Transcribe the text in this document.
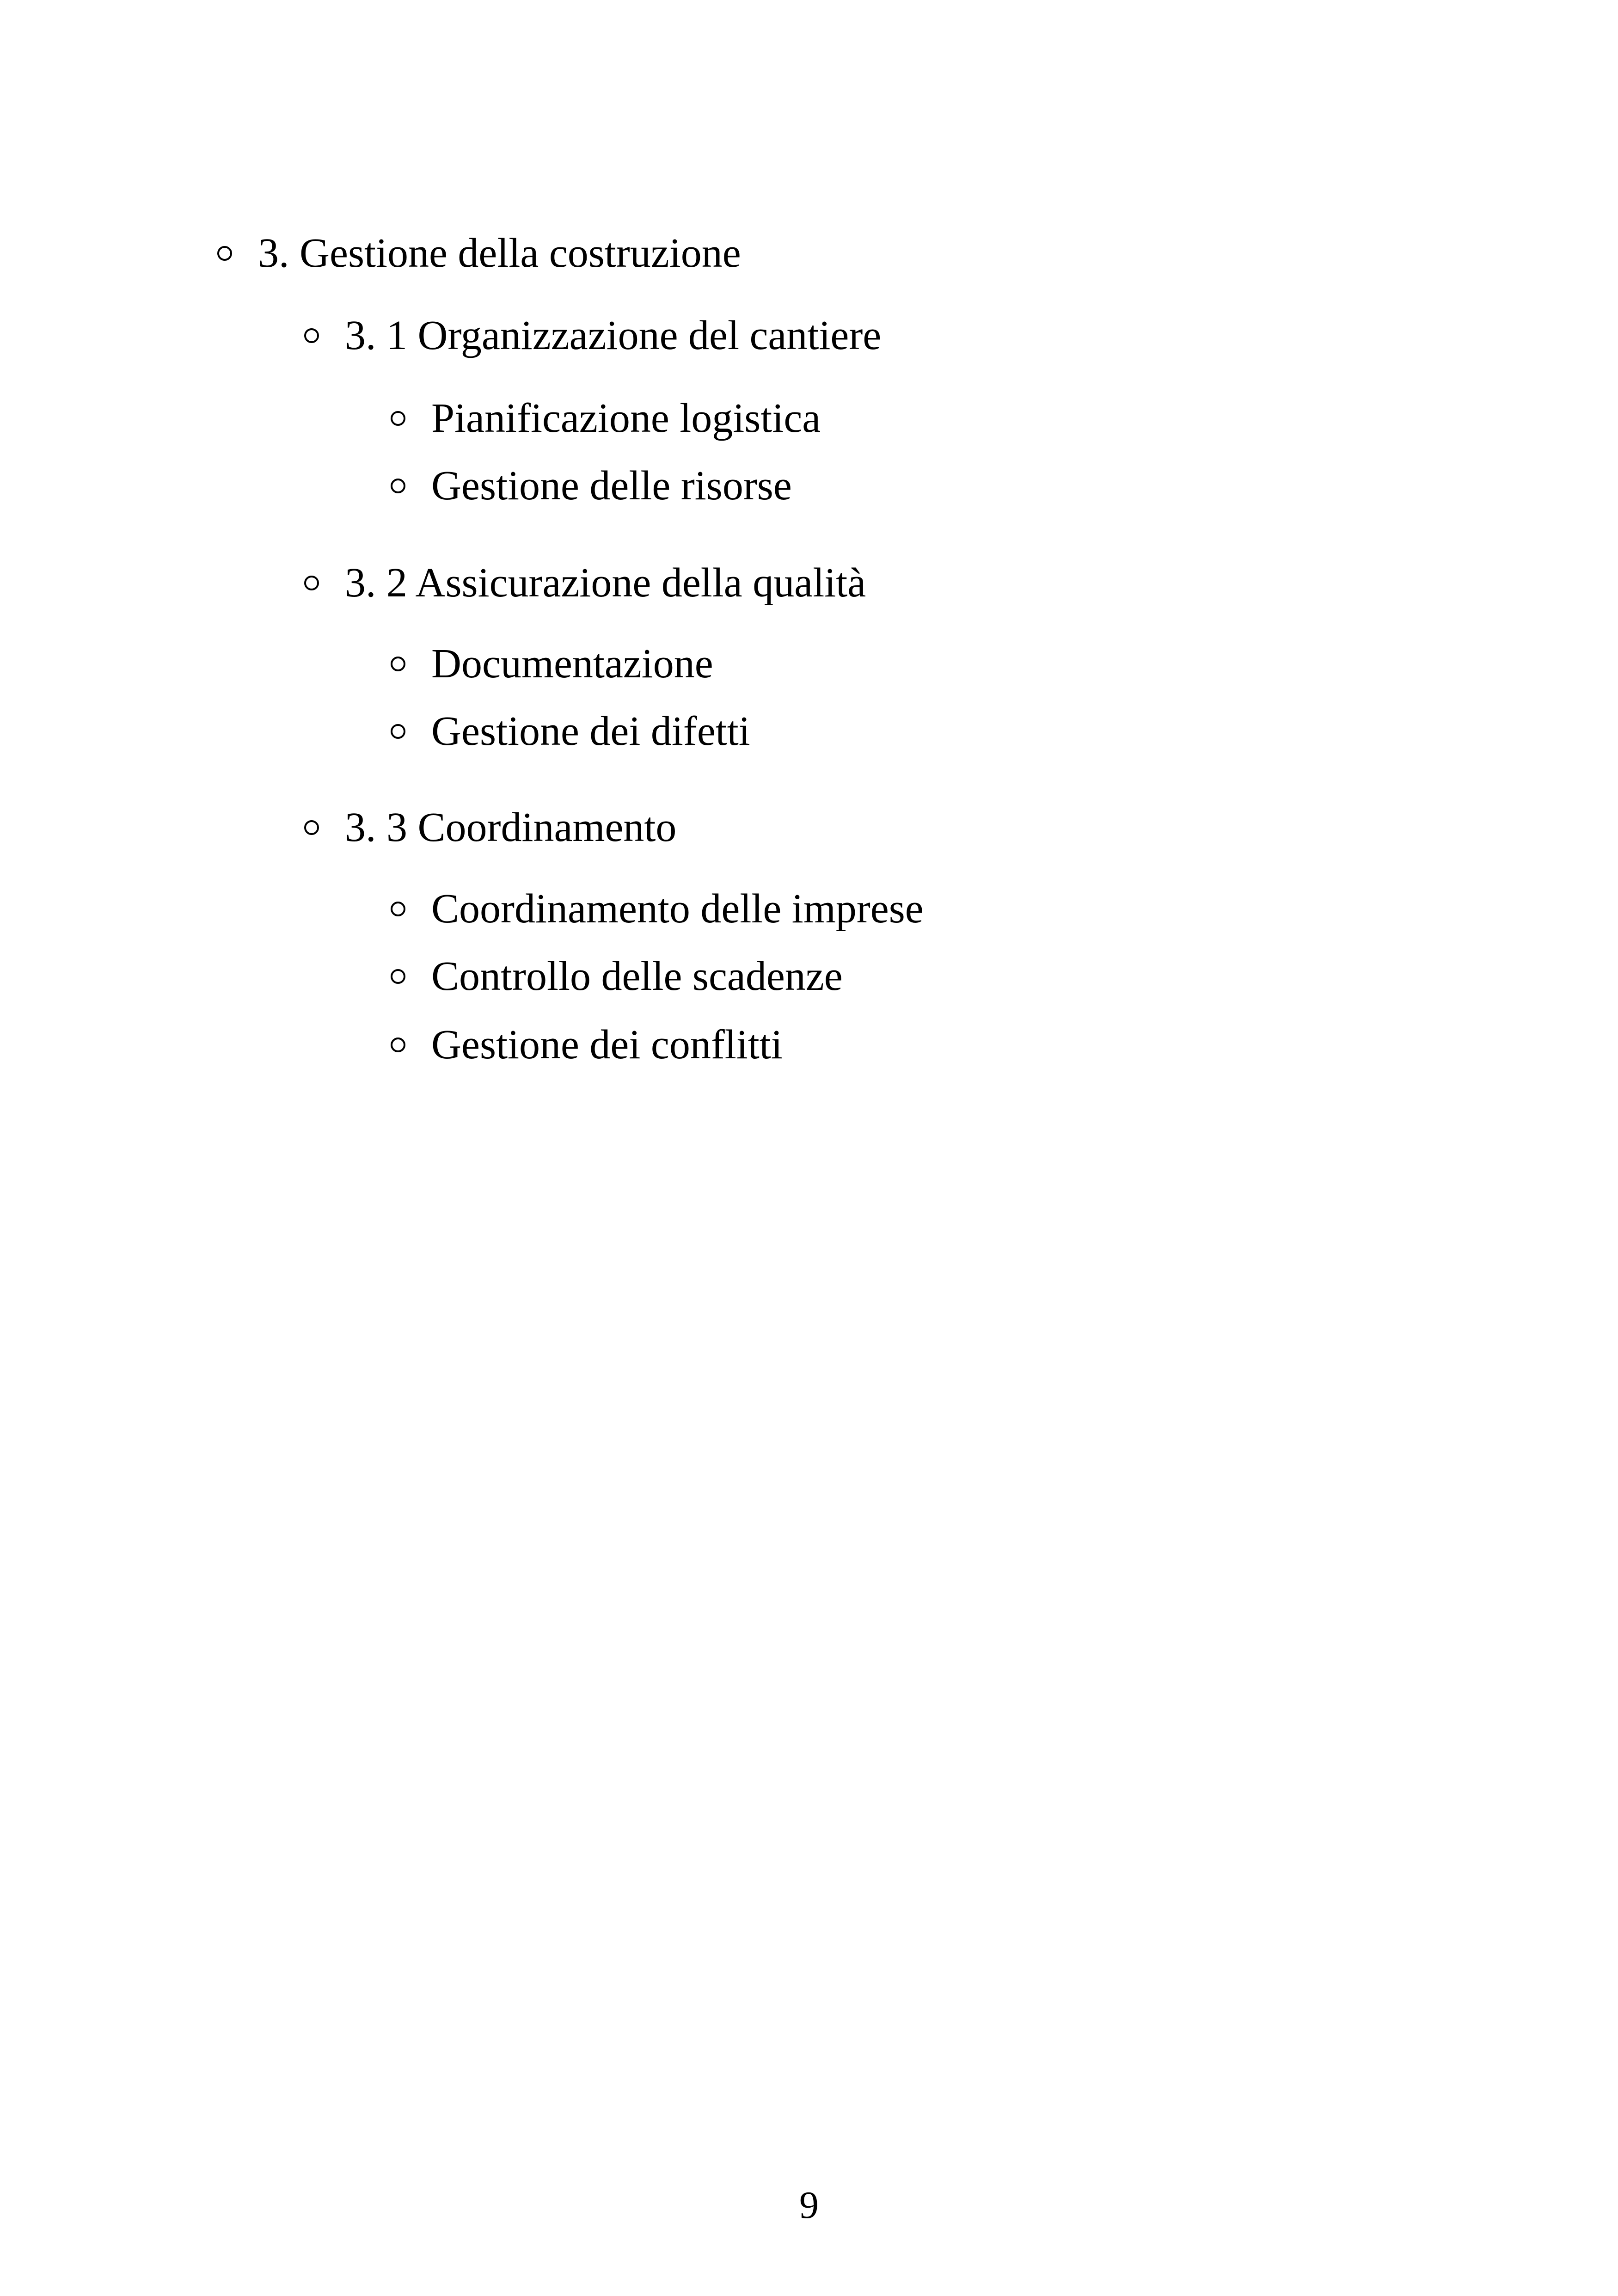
3. Gestione della costruzione
3. 1 Organizzazione del cantiere
Pianificazione logistica
Gestione delle risorse
3. 2 Assicurazione della qualità
Documentazione
Gestione dei difetti
3. 3 Coordinamento
Coordinamento delle imprese
Controllo delle scadenze
Gestione dei conflitti
9
